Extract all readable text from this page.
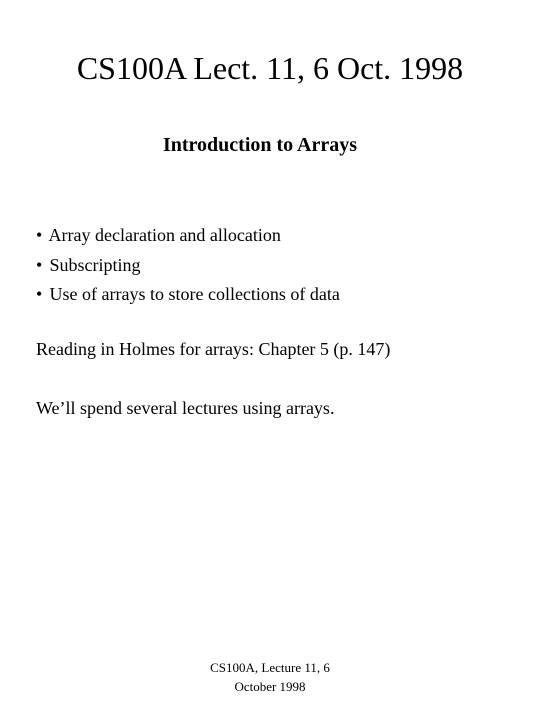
CS100A Lect. 11, 6 Oct. 1998
Introduction to Arrays
• Array declaration and allocation
• Subscripting
• Use of arrays to store collections of data
Reading in Holmes for arrays: Chapter 5 (p. 147)
We’ll spend several lectures using arrays.
CS100A, Lecture 11, 6
October 1998
